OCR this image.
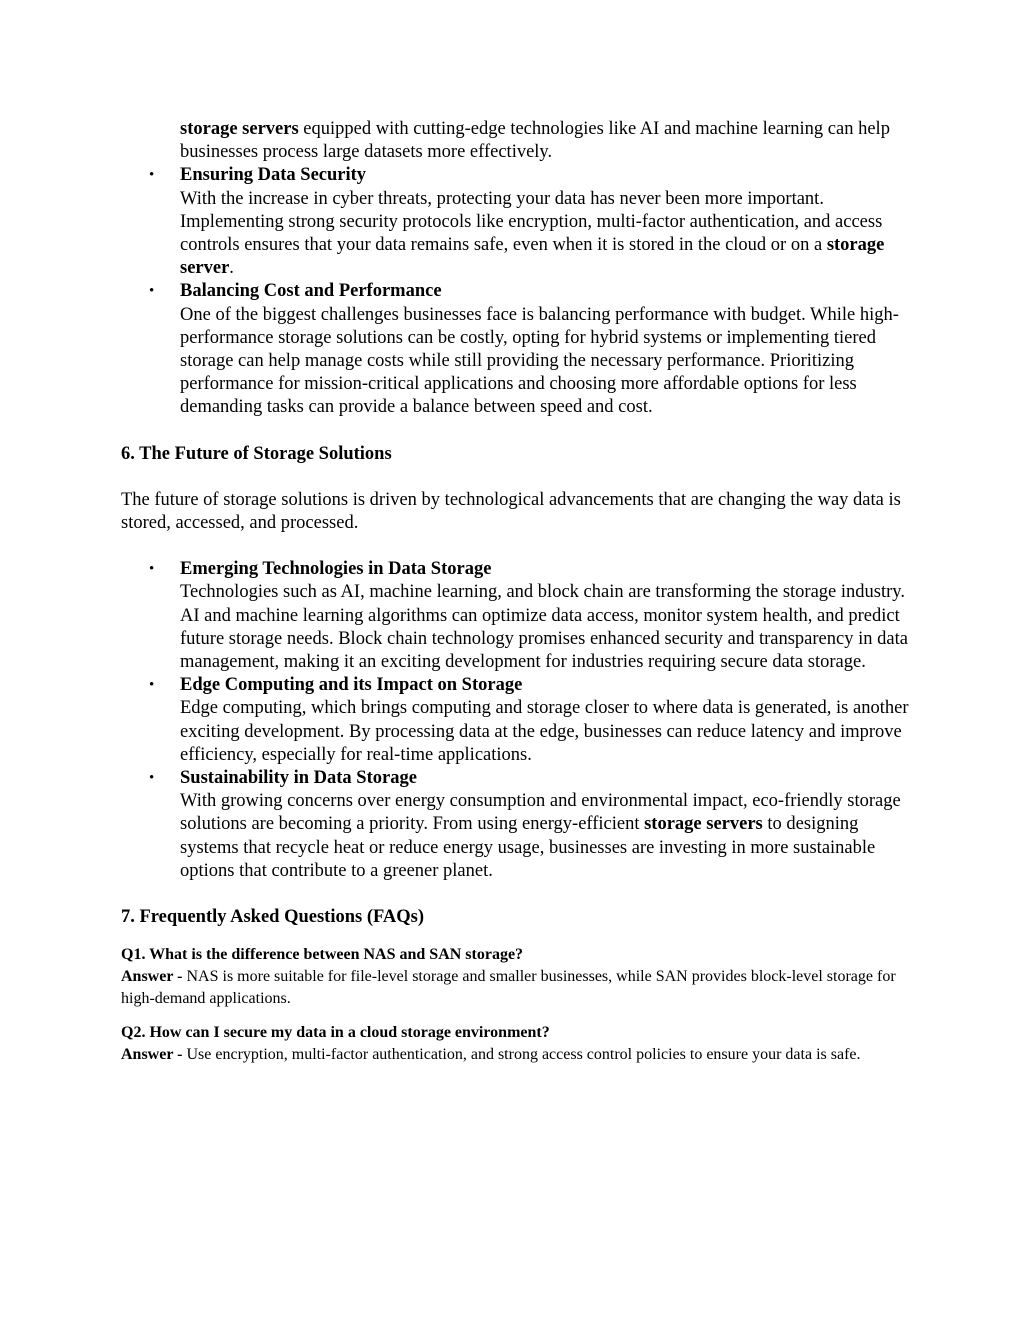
storage servers equipped with cutting-edge technologies like AI and machine learning can help businesses process large datasets more effectively.

• Ensuring Data Security
With the increase in cyber threats, protecting your data has never been more important. Implementing strong security protocols like encryption, multi-factor authentication, and access controls ensures that your data remains safe, even when it is stored in the cloud or on a storage server.
• Balancing Cost and Performance
One of the biggest challenges businesses face is balancing performance with budget. While high-performance storage solutions can be costly, opting for hybrid systems or implementing tiered storage can help manage costs while still providing the necessary performance. Prioritizing performance for mission-critical applications and choosing more affordable options for less demanding tasks can provide a balance between speed and cost.
6. The Future of Storage Solutions

The future of storage solutions is driven by technological advancements that are changing the way data is stored, accessed, and processed.

• Emerging Technologies in Data Storage
Technologies such as AI, machine learning, and block chain are transforming the storage industry. AI and machine learning algorithms can optimize data access, monitor system health, and predict future storage needs. Block chain technology promises enhanced security and transparency in data management, making it an exciting development for industries requiring secure data storage.
• Edge Computing and its Impact on Storage
Edge computing, which brings computing and storage closer to where data is generated, is another exciting development. By processing data at the edge, businesses can reduce latency and improve efficiency, especially for real-time applications.
• Sustainability in Data Storage
With growing concerns over energy consumption and environmental impact, eco-friendly storage solutions are becoming a priority. From using energy-efficient storage servers to designing systems that recycle heat or reduce energy usage, businesses are investing in more sustainable options that contribute to a greener planet.
7. Frequently Asked Questions (FAQs)
Q1. What is the difference between NAS and SAN storage?
Answer - NAS is more suitable for file-level storage and smaller businesses, while SAN provides block-level storage for high-demand applications.
Q2. How can I secure my data in a cloud storage environment?
Answer - Use encryption, multi-factor authentication, and strong access control policies to ensure your data is safe.
